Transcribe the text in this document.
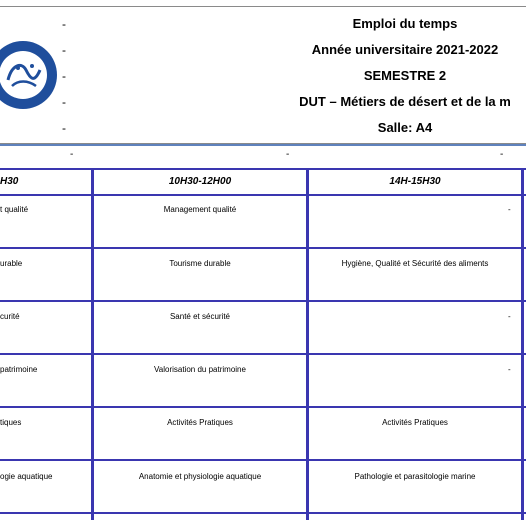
-
-
-
-
-
Emploi du temps
Année universitaire 2021-2022
SEMESTRE 2
DUT – Métiers de désert et de la m
Salle: A4
-	-	-
H30	10H30-12H00	14H-15H30
t qualité	Management qualité	-
urable	Tourisme durable	Hygiène, Qualité et Sécurité des aliments
curité	Santé et sécurité	-
patrimoine	Valorisation du patrimoine	-
tiques	Activités Pratiques	Activités Pratiques
ogie aquatique	Anatomie et physiologie aquatique	Pathologie et parasitologie marine
